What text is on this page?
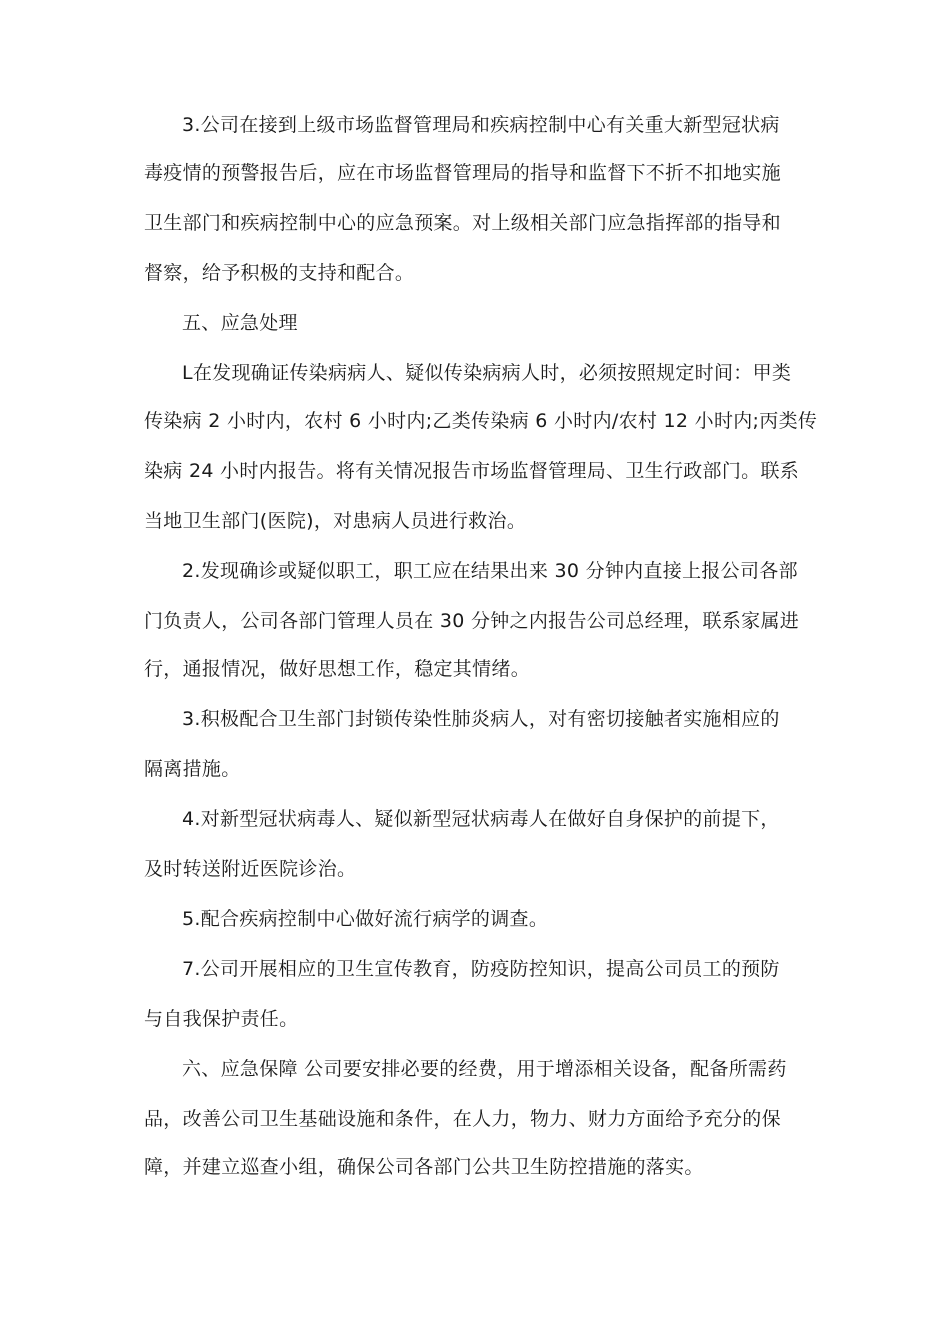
3.公司在接到上级市场监督管理局和疾病控制中心有关重大新型冠状病
毒疫情的预警报告后，应在市场监督管理局的指导和监督下不折不扣地实施
卫生部门和疾病控制中心的应急预案。对上级相关部门应急指挥部的指导和
督察，给予积极的支持和配合。
五、应急处理
L在发现确证传染病病人、疑似传染病病人时，必须按照规定时间：甲类
传染病 2 小时内，农村 6 小时内;乙类传染病 6 小时内/农村 12 小时内;丙类传
染病 24 小时内报告。将有关情况报告市场监督管理局、卫生行政部门。联系
当地卫生部门(医院)，对患病人员进行救治。
2.发现确诊或疑似职工，职工应在结果出来 30 分钟内直接上报公司各部
门负责人，公司各部门管理人员在 30 分钟之内报告公司总经理，联系家属进
行，通报情况，做好思想工作，稳定其情绪。
3.积极配合卫生部门封锁传染性肺炎病人，对有密切接触者实施相应的
隔离措施。
4.对新型冠状病毒人、疑似新型冠状病毒人在做好自身保护的前提下，
及时转送附近医院诊治。
5.配合疾病控制中心做好流行病学的调查。
7.公司开展相应的卫生宣传教育，防疫防控知识，提高公司员工的预防
与自我保护责任。
六、应急保障 公司要安排必要的经费，用于增添相关设备，配备所需药
品，改善公司卫生基础设施和条件，在人力，物力、财力方面给予充分的保
障，并建立巡查小组，确保公司各部门公共卫生防控措施的落实。
